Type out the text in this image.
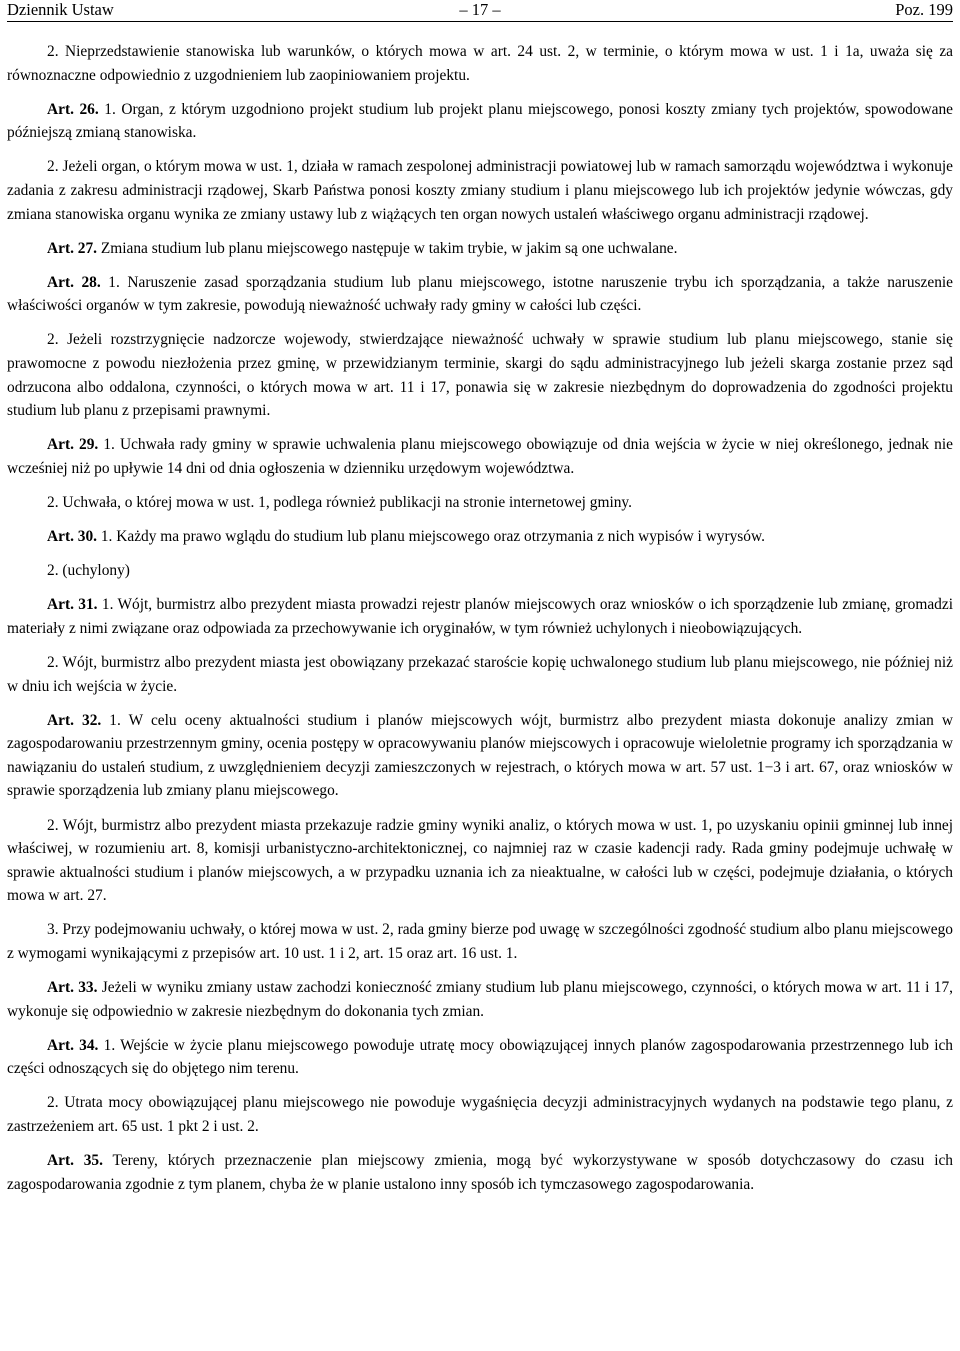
Dziennik Ustaw	– 17 –	Poz. 199

2. Nieprzedstawienie stanowiska lub warunków, o których mowa w art. 24 ust. 2, w terminie, o którym mowa w ust. 1 i 1a, uważa się za równoznaczne odpowiednio z uzgodnieniem lub zaopiniowaniem projektu.

Art. 26. 1. Organ, z którym uzgodniono projekt studium lub projekt planu miejscowego, ponosi koszty zmiany tych projektów, spowodowane późniejszą zmianą stanowiska.

2. Jeżeli organ, o którym mowa w ust. 1, działa w ramach zespolonej administracji powiatowej lub w ramach samorządu województwa i wykonuje zadania z zakresu administracji rządowej, Skarb Państwa ponosi koszty zmiany studium i planu miejscowego lub ich projektów jedynie wówczas, gdy zmiana stanowiska organu wynika ze zmiany ustawy lub z wiążących ten organ nowych ustaleń właściwego organu administracji rządowej.

Art. 27. Zmiana studium lub planu miejscowego następuje w takim trybie, w jakim są one uchwalane.

Art. 28. 1. Naruszenie zasad sporządzania studium lub planu miejscowego, istotne naruszenie trybu ich sporządzania, a także naruszenie właściwości organów w tym zakresie, powodują nieważność uchwały rady gminy w całości lub części.

2. Jeżeli rozstrzygnięcie nadzorcze wojewody, stwierdzające nieważność uchwały w sprawie studium lub planu miejscowego, stanie się prawomocne z powodu niezłożenia przez gminę, w przewidzianym terminie, skargi do sądu administracyjnego lub jeżeli skarga zostanie przez sąd odrzucona albo oddalona, czynności, o których mowa w art. 11 i 17, ponawia się w zakresie niezbędnym do doprowadzenia do zgodności projektu studium lub planu z przepisami prawnymi.

Art. 29. 1. Uchwała rady gminy w sprawie uchwalenia planu miejscowego obowiązuje od dnia wejścia w życie w niej określonego, jednak nie wcześniej niż po upływie 14 dni od dnia ogłoszenia w dzienniku urzędowym województwa.

2. Uchwała, o której mowa w ust. 1, podlega również publikacji na stronie internetowej gminy.

Art. 30. 1. Każdy ma prawo wglądu do studium lub planu miejscowego oraz otrzymania z nich wypisów i wyrysów.

2. (uchylony)

Art. 31. 1. Wójt, burmistrz albo prezydent miasta prowadzi rejestr planów miejscowych oraz wniosków o ich sporządzenie lub zmianę, gromadzi materiały z nimi związane oraz odpowiada za przechowywanie ich oryginałów, w tym również uchylonych i nieobowiązujących.

2. Wójt, burmistrz albo prezydent miasta jest obowiązany przekazać staroście kopię uchwalonego studium lub planu miejscowego, nie później niż w dniu ich wejścia w życie.

Art. 32. 1. W celu oceny aktualności studium i planów miejscowych wójt, burmistrz albo prezydent miasta dokonuje analizy zmian w zagospodarowaniu przestrzennym gminy, ocenia postępy w opracowywaniu planów miejscowych i opracowuje wieloletnie programy ich sporządzania w nawiązaniu do ustaleń studium, z uwzględnieniem decyzji zamieszczonych w rejestrach, o których mowa w art. 57 ust. 1−3 i art. 67, oraz wniosków w sprawie sporządzenia lub zmiany planu miejscowego.

2. Wójt, burmistrz albo prezydent miasta przekazuje radzie gminy wyniki analiz, o których mowa w ust. 1, po uzyskaniu opinii gminnej lub innej właściwej, w rozumieniu art. 8, komisji urbanistyczno-architektonicznej, co najmniej raz w czasie kadencji rady. Rada gminy podejmuje uchwałę w sprawie aktualności studium i planów miejscowych, a w przypadku uznania ich za nieaktualne, w całości lub w części, podejmuje działania, o których mowa w art. 27.

3. Przy podejmowaniu uchwały, o której mowa w ust. 2, rada gminy bierze pod uwagę w szczególności zgodność studium albo planu miejscowego z wymogami wynikającymi z przepisów art. 10 ust. 1 i 2, art. 15 oraz art. 16 ust. 1.

Art. 33. Jeżeli w wyniku zmiany ustaw zachodzi konieczność zmiany studium lub planu miejscowego, czynności, o których mowa w art. 11 i 17, wykonuje się odpowiednio w zakresie niezbędnym do dokonania tych zmian.

Art. 34. 1. Wejście w życie planu miejscowego powoduje utratę mocy obowiązującej innych planów zagospodarowania przestrzennego lub ich części odnoszących się do objętego nim terenu.

2. Utrata mocy obowiązującej planu miejscowego nie powoduje wygaśnięcia decyzji administracyjnych wydanych na podstawie tego planu, z zastrzeżeniem art. 65 ust. 1 pkt 2 i ust. 2.

Art. 35. Tereny, których przeznaczenie plan miejscowy zmienia, mogą być wykorzystywane w sposób dotychczasowy do czasu ich zagospodarowania zgodnie z tym planem, chyba że w planie ustalono inny sposób ich tymczasowego zagospodarowania.
